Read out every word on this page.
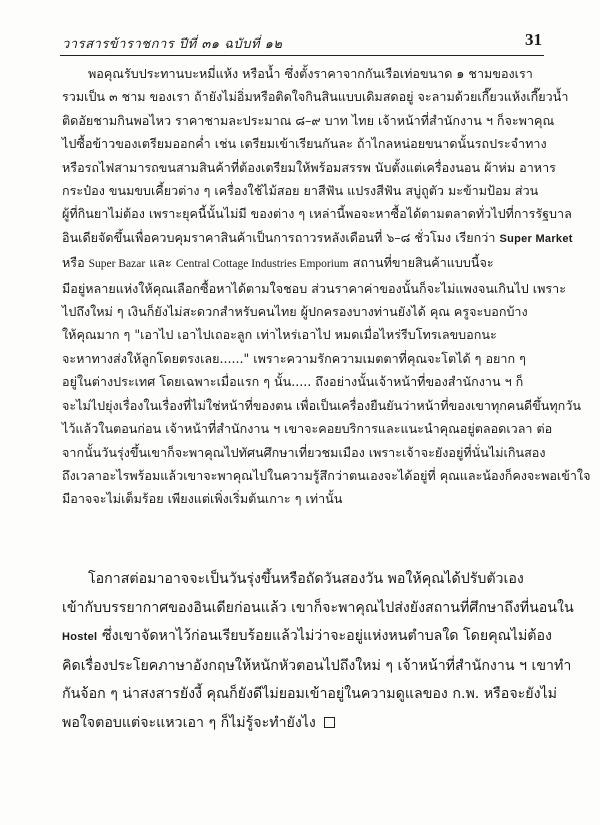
วารสารข้าราชการ ปีที่ ๓๑ ฉบับที่ ๑๒	31
พอคุณรับประทานบะหมี่แห้ง หรือน้ำ ซึ่งตั้งราคาจากกันเรือเท่อขนาด ๑ ชามของเรา
รวมเป็น ๓ ชาม ของเรา ถ้ายังไม่อิ่มหรือติดใจกินสินแบบเดิมสดอยู่ จะลามด้วยเกี๊ยวแห้งเกี๊ยวน้ำ
ติดอัยชามกินพอไหว ราคาชามละประมาณ ๘–๙ บาท ไทย เจ้าหน้าที่สำนักงาน ฯ ก็จะพาคุณ
ไปซื้อข้าวของเตรียมออกค่ำ เช่น เตรียมเข้าเรียนกันละ ถ้าไกลหน่อยขนาดนั้นรถประจำทาง
หรือรถไฟสามารถขนสามสินค้าที่ต้องเตรียมให้พร้อมสรรพ นับตั้งแต่เครื่องนอน ผ้าห่ม อาหาร
กระป๋อง ขนมขบเคี้ยวต่าง ๆ เครื่องใช้ไม้สอย ยาสีฟัน แปรงสีฟัน สบู่ถูตัว มะข้ามป้อม ส่วน
ผู้ที่กินยาไม่ต้อง เพราะยุคนี้นั้นไม่มี ของต่าง ๆ เหล่านี้พอจะหาซื้อได้ตามตลาดทั่วไปที่การรัฐบาล
อินเดียจัดขึ้นเพื่อควบคุมราคาสินค้าเป็นการถาวรหลังเดือนที่ ๖–๘ ชั่วโมง เรียกว่า Super Market
หรือ Super Bazar และ Central Cottage Industries Emporium สถานที่ขายสินค้าแบบนี้จะ
มีอยู่หลายแห่งให้คุณเลือกซื้อหาได้ตามใจชอบ ส่วนราคาค่าของนั้นก็จะไม่แพงจนเกินไป เพราะ
ไปถึงใหม่ ๆ เงินก็ยังไม่สะดวกสำหรับคนไทย ผู้ปกครองบางท่านยังได้ คุณ ครูจะบอกบ้าง
ให้คุณมาก ๆ "เอาไป เอาไปเถอะลูก เท่าไหร่เอาไป หมดเมื่อไหร่รีบโทรเลขบอกนะ
จะหาทางส่งให้ลูกโดยตรงเลย......" เพราะความรักความเมตตาที่คุณจะโตได้ ๆ อยาก ๆ
อยู่ในต่างประเทศ โดยเฉพาะเมื่อแรก ๆ นั้น..... ถึงอย่างนั้นเจ้าหน้าที่ของสำนักงาน ฯ ก็
จะไม่ไปยุ่งเรื่องในเรื่องที่ไม่ใช่หน้าที่ของตน เพื่อเป็นเครื่องยืนยันว่าหน้าที่ของเขาทุกคนดีขึ้นทุกวัน
ไว้แล้วในตอนก่อน เจ้าหน้าที่สำนักงาน ฯ เขาจะคอยบริการและแนะนำคุณอยู่ตลอดเวลา ต่อ
จากนั้นวันรุ่งขึ้นเขาก็จะพาคุณไปทัศนศึกษาเที่ยวชมเมือง เพราะเจ้าจะยังอยู่ที่นั่นไม่เกินสอง
ถึงเวลาอะไรพร้อมแล้วเขาจะพาคุณไปในความรู้สึกว่าตนเองจะได้อยู่ที่ คุณและน้องก็คงจะพอเข้าใจ
มีอาจจะไม่เต็มร้อย เพียงแต่เพิ่งเริ่มต้นเกาะ ๆ เท่านั้น
โอกาสต่อมาอาจจะเป็นวันรุ่งขึ้นหรือถัดวันสองวัน พอให้คุณได้ปรับตัวเอง
เข้ากับบรรยากาศของอินเดียก่อนแล้ว เขาก็จะพาคุณไปส่งยังสถานที่ศึกษาถึงที่นอนใน
Hostel ซึ่งเขาจัดหาไว้ก่อนเรียบร้อยแล้วไม่ว่าจะอยู่แห่งหนตำบลใด โดยคุณไม่ต้อง
คิดเรื่องประโยคภาษาอังกฤษให้หนักหัวตอนไปถึงใหม่ ๆ เจ้าหน้าที่สำนักงาน ฯ เขาทำ
กันจ้อก ๆ น่าสงสารยังงี้ คุณก็ยังดีไม่ยอมเข้าอยู่ในความดูแลของ ก.พ. หรือจะยังไม่
พอใจตอบแต่จะแหวเอา ๆ ก็ไม่รู้จะทำยังไง
